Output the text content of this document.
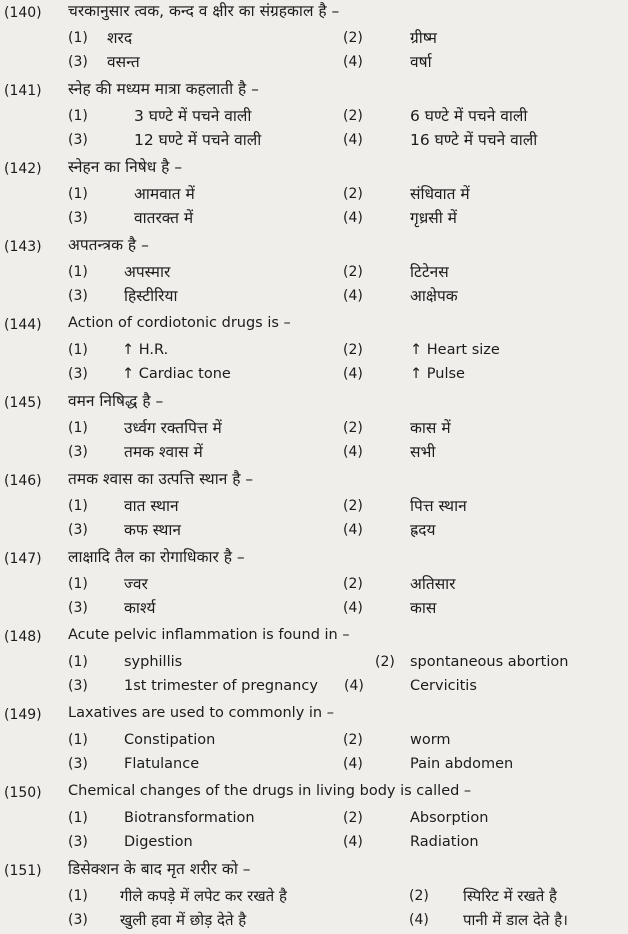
(140) चरकानुसार त्वक, कन्द व क्षीर का संग्रहकाल है –
(1) शरद	(2)	ग्रीष्म
(3) वसन्त	(4)	वर्षा
(141) स्नेह की मध्यम मात्रा कहलाती है –
(1)	3 घण्टे में पचने वाली	(2)	6 घण्टे में पचने वाली
(3)	12 घण्टे में पचने वाली	(4)	16 घण्टे में पचने वाली
(142) स्नेहन का निषेध है –
(1)	आमवात में	(2)	संधिवात में
(3)	वातरक्त में	(4)	गृध्रसी में
(143) अपतन्त्रक है –
(1) अपस्मार	(2)	टिटेनस
(3) हिस्टीरिया	(4)	आक्षेपक
(144) Action of cordiotonic drugs is –
(1) ↑ H.R.	(2)	↑ Heart size
(3) ↑ Cardiac tone	(4)	↑ Pulse
(145) वमन निषिद्ध है –
(1) उर्ध्वग रक्तपित्त में	(2)	कास में
(3) तमक श्वास में	(4)	सभी
(146) तमक श्वास का उत्पत्ति स्थान है –
(1) वात स्थान	(2)	पित्त स्थान
(3) कफ स्थान	(4)	ह्रदय
(147) लाक्षादि तैल का रोगाधिकार है –
(1) ज्वर	(2)	अतिसार
(3) कार्श्य	(4)	कास
(148) Acute pelvic inflammation is found in –
(1) syphillis	(2) spontaneous abortion
(3) 1st trimester of pregnancy (4)	Cervicitis
(149) Laxatives are used to commonly in –
(1) Constipation	(2)	worm
(3) Flatulance	(4)	Pain abdomen
(150) Chemical changes of the drugs in living body is called –
(1) Biotransformation	(2)	Absorption
(3) Digestion	(4)	Radiation
(151) डिसेक्शन के बाद मृत शरीर को –
(1) गीले कपड़े में लपेट कर रखते है	(2) स्पिरिट में रखते है
(3) खुली हवा में छोड़ देते है	(4) पानी में डाल देते है।
